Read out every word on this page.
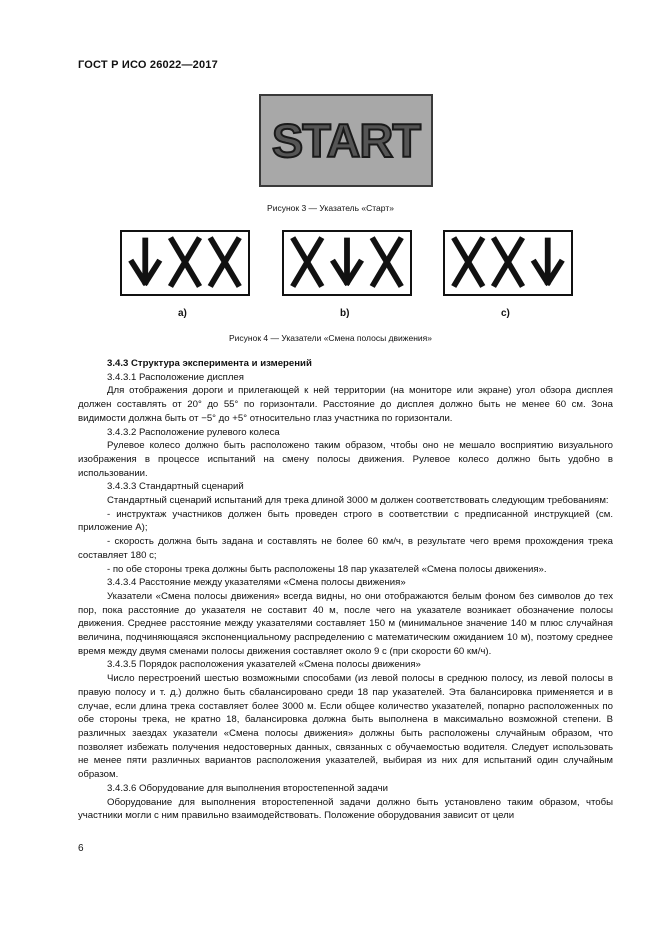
ГОСТ Р ИСО 26022—2017
START
Рисунок 3 — Указатель «Старт»
a)	b)	c)
Рисунок 4 — Указатели «Смена полосы движения»

3.4.3 Структура эксперимента и измерений

3.4.3.1 Расположение дисплея

Для отображения дороги и прилегающей к ней территории (на мониторе или экране) угол обзора дисплея должен составлять от 20° до 55° по горизонтали. Расстояние до дисплея должно быть не менее 60 см. Зона видимости должна быть от −5° до +5° относительно глаз участника по горизонтали.

3.4.3.2 Расположение рулевого колеса

Рулевое колесо должно быть расположено таким образом, чтобы оно не мешало восприятию визуального изображения в процессе испытаний на смену полосы движения. Рулевое колесо должно быть удобно в использовании.

3.4.3.3 Стандартный сценарий

Стандартный сценарий испытаний для трека длиной 3000 м должен соответствовать следующим требованиям:

- инструктаж участников должен быть проведен строго в соответствии с предписанной инструкцией (см. приложение А);

- скорость должна быть задана и составлять не более 60 км/ч, в результате чего время прохождения трека составляет 180 с;

- по обе стороны трека должны быть расположены 18 пар указателей «Смена полосы движения».

3.4.3.4 Расстояние между указателями «Смена полосы движения»

Указатели «Смена полосы движения» всегда видны, но они отображаются белым фоном без символов до тех пор, пока расстояние до указателя не составит 40 м, после чего на указателе возникает обозначение полосы движения. Среднее расстояние между указателями составляет 150 м (минимальное значение 140 м плюс случайная величина, подчиняющаяся экспоненциальному распределению с математическим ожиданием 10 м), поэтому среднее время между двумя сменами полосы движения составляет около 9 с (при скорости 60 км/ч).

3.4.3.5 Порядок расположения указателей «Смена полосы движения»

Число перестроений шестью возможными способами (из левой полосы в среднюю полосу, из левой полосы в правую полосу и т. д.) должно быть сбалансировано среди 18 пар указателей. Эта балансировка применяется и в случае, если длина трека составляет более 3000 м. Если общее количество указателей, попарно расположенных по обе стороны трека, не кратно 18, балансировка должна быть выполнена в максимально возможной степени. В различных заездах указатели «Смена полосы движения» должны быть расположены случайным образом, что позволяет избежать получения недостоверных данных, связанных с обучаемостью водителя. Следует использовать не менее пяти различных вариантов расположения указателей, выбирая из них для испытаний один случайным образом.

3.4.3.6 Оборудование для выполнения второстепенной задачи

Оборудование для выполнения второстепенной задачи должно быть установлено таким образом, чтобы участники могли с ним правильно взаимодействовать. Положение оборудования зависит от цели

6
